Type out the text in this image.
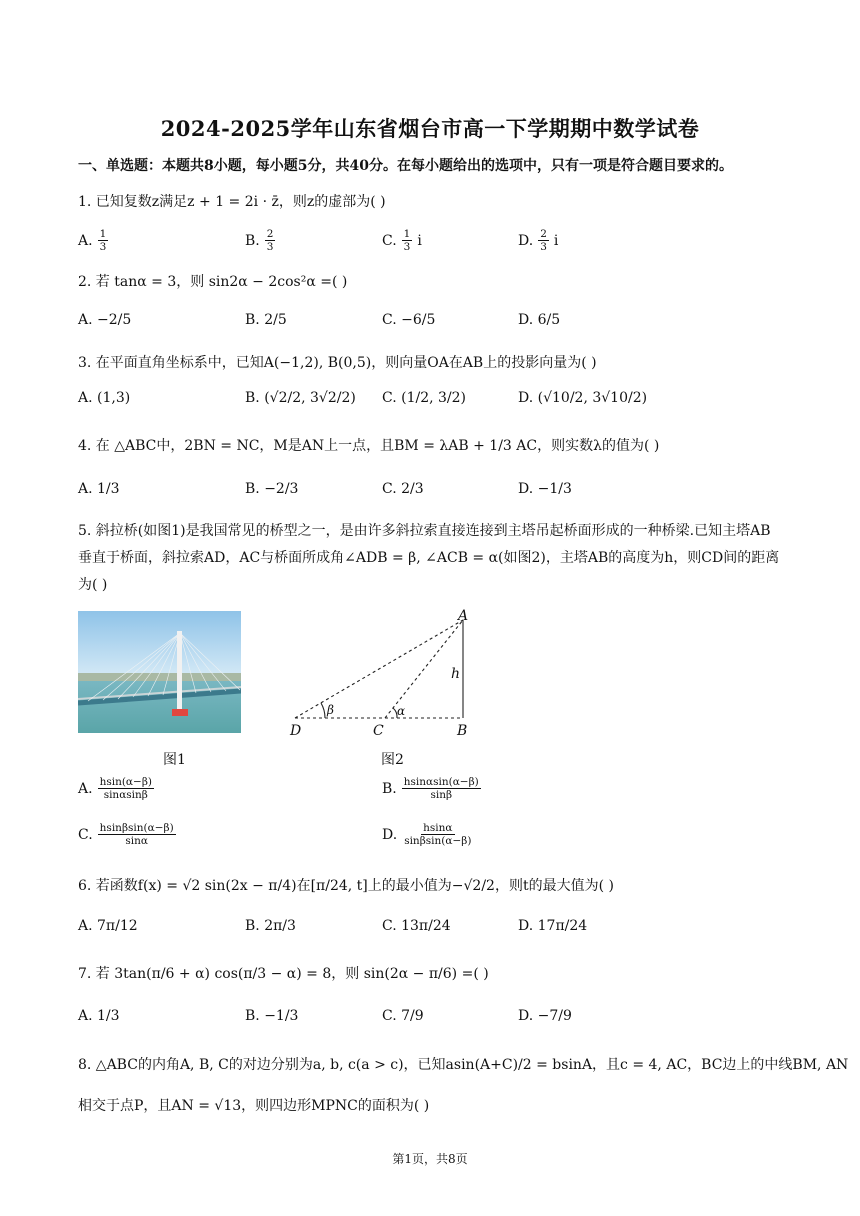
2024-2025学年山东省烟台市高一下学期期中数学试卷
一、单选题：本题共8小题，每小题5分，共40分。在每小题给出的选项中，只有一项是符合题目要求的。
1. 已知复数z满足z + 1 = 2i · z̄，则z的虚部为( )
A. $\frac{1}{3}$	B. $\frac{2}{3}$	C. $\frac{1}{3}$ i	D. $\frac{2}{3}$ i
2. 若 tanα = 3，则 sin2α − 2cos²α =( )
A. −2/5	B. 2/5	C. −6/5	D. 6/5
3. 在平面直角坐标系中，已知A(−1,2), B(0,5)，则向量OA在AB上的投影向量为( )
A. (1,3)	B. (√2/2, 3√2/2) C. (1/2, 3/2)	D. (√10/2, 3√10/2)
4. 在 △ABC中，2BN = NC，M是AN上一点，且BM = λAB + 1/3 AC，则实数λ的值为( )
A. 1/3	B. −2/3	C. 2/3	D. −1/3
5. 斜拉桥(如图1)是我国常见的桥型之一，是由许多斜拉索直接连接到主塔吊起桥面形成的一种桥梁.已知主塔AB垂直于桥面，斜拉索AD，AC与桥面所成角∠ADB = β, ∠ACB = α(如图2)，主塔AB的高度为h，则CD间的距离为( )
A
B
C
D
h
α
β
图1	图2
A. $\frac{hsin(\alpha-\beta)}{\sin\alpha\sin\beta}$	B. $\frac{hsin\alpha\sin(\alpha-\beta)}{\sin\beta}$
C. $\frac{hsin\beta\sin(\alpha-\beta)}{\sin\alpha}$	D. $\frac{hsin\alpha}{\sin\beta\sin(\alpha-\beta)}$
6. 若函数f(x) = √2 sin(2x − π/4)在[π/24, t]上的最小值为−√2/2，则t的最大值为( )
A. 7π/12	B. 2π/3	C. 13π/24	D. 17π/24
7. 若 3tan(π/6 + α) cos(π/3 − α) = 8，则 sin(2α − π/6) =( )
A. 1/3	B. −1/3	C. 7/9	D. −7/9
8. △ABC的内角A, B, C的对边分别为a, b, c(a > c)，已知asin(A+C)/2 = bsinA，且c = 4, AC，BC边上的中线BM, AN
相交于点P，且AN = √13，则四边形MPNC的面积为( )
第1页，共8页
